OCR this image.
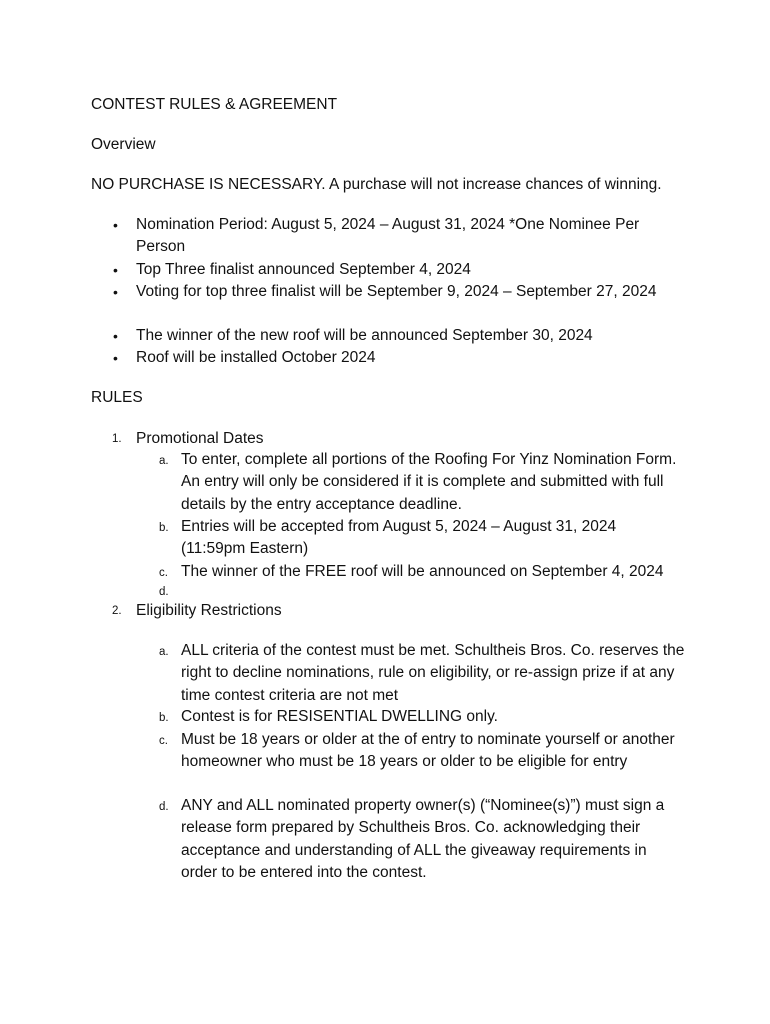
CONTEST RULES & AGREEMENT
Overview
NO PURCHASE IS NECESSARY. A purchase will not increase chances of winning.
• Nomination Period: August 5, 2024 – August 31, 2024 *One Nominee Per Person
• Top Three finalist announced September 4, 2024
• Voting for top three finalist will be September 9, 2024 – September 27, 2024
• The winner of the new roof will be announced September 30, 2024
• Roof will be installed October 2024
RULES
1. Promotional Dates
a. To enter, complete all portions of the Roofing For Yinz Nomination Form. An entry will only be considered if it is complete and submitted with full details by the entry acceptance deadline.
b. Entries will be accepted from August 5, 2024 – August 31, 2024 (11:59pm Eastern)
c. The winner of the FREE roof will be announced on September 4, 2024
d.
2. Eligibility Restrictions
a. ALL criteria of the contest must be met. Schultheis Bros. Co. reserves the right to decline nominations, rule on eligibility, or re-assign prize if at any time contest criteria are not met
b. Contest is for RESISENTIAL DWELLING only.
c. Must be 18 years or older at the of entry to nominate yourself or another homeowner who must be 18 years or older to be eligible for entry
d. ANY and ALL nominated property owner(s) (“Nominee(s)”) must sign a release form prepared by Schultheis Bros. Co. acknowledging their acceptance and understanding of ALL the giveaway requirements in order to be entered into the contest.
